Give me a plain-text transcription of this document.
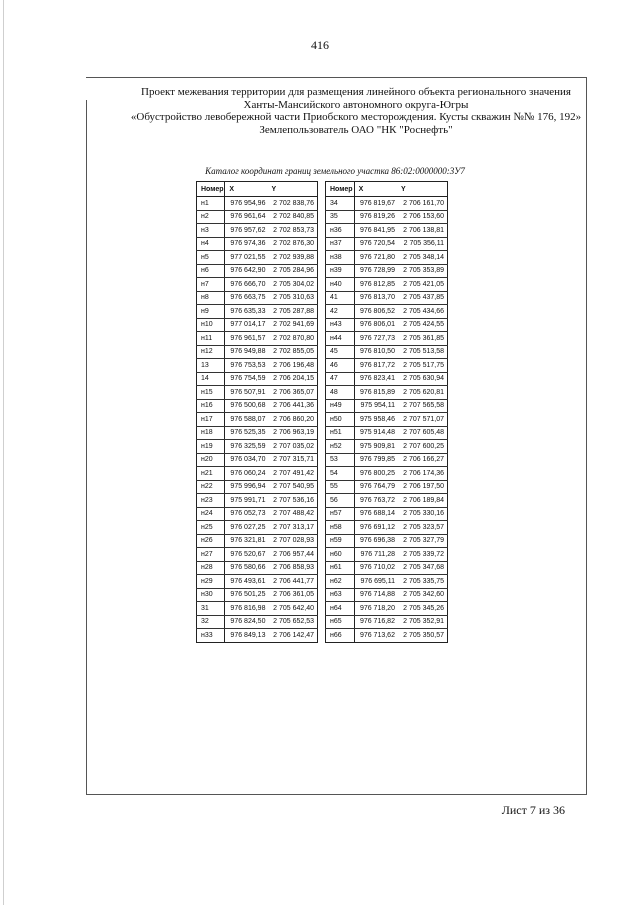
416
Проект межевания территории для размещения линейного объекта регионального значения
Ханты-Мансийского автономного округа-Югры
«Обустройство левобережной части Приобского месторождения. Кусты скважин №№ 176, 192»
Землепользователь ОАО "НК "Роснефть"
Каталог координат границ земельного участка 86:02:0000000:3У7
Номер	X	Y
н1	976 954,96	2 702 838,76
н2	976 961,64	2 702 840,85
н3	976 957,62	2 702 853,73
н4	976 974,36	2 702 876,30
н5	977 021,55	2 702 939,88
н6	976 642,90	2 705 284,96
н7	976 666,70	2 705 304,02
н8	976 663,75	2 705 310,63
н9	976 635,33	2 705 287,88
н10	977 014,17	2 702 941,69
н11	976 961,57	2 702 870,80
н12	976 949,88	2 702 855,05
13	976 753,53	2 706 196,48
14	976 754,59	2 706 204,15
н15	976 507,91	2 706 365,07
н16	976 500,68	2 706 441,36
н17	976 588,07	2 706 860,20
н18	976 525,35	2 706 963,19
н19	976 325,59	2 707 035,02
н20	976 034,70	2 707 315,71
н21	976 060,24	2 707 491,42
н22	975 996,94	2 707 540,95
н23	975 991,71	2 707 536,16
н24	976 052,73	2 707 488,42
н25	976 027,25	2 707 313,17
н26	976 321,81	2 707 028,93
н27	976 520,67	2 706 957,44
н28	976 580,66	2 706 858,93
н29	976 493,61	2 706 441,77
н30	976 501,25	2 706 361,05
31	976 816,98	2 705 642,40
32	976 824,50	2 705 652,53
н33	976 849,13	2 706 142,47
Номер	X	Y
34	976 819,67	2 706 161,70
35	976 819,26	2 706 153,60
н36	976 841,95	2 706 138,81
н37	976 720,54	2 705 356,11
н38	976 721,80	2 705 348,14
н39	976 728,99	2 705 353,89
н40	976 812,85	2 705 421,05
41	976 813,70	2 705 437,85
42	976 806,52	2 705 434,66
н43	976 806,01	2 705 424,55
н44	976 727,73	2 705 361,85
45	976 810,50	2 705 513,58
46	976 817,72	2 705 517,75
47	976 823,41	2 705 630,94
48	976 815,89	2 705 620,81
н49	975 954,11	2 707 565,58
н50	975 958,46	2 707 571,07
н51	975 914,48	2 707 605,48
н52	975 909,81	2 707 600,25
53	976 799,85	2 706 166,27
54	976 800,25	2 706 174,36
55	976 764,79	2 706 197,50
56	976 763,72	2 706 189,84
н57	976 688,14	2 705 330,16
н58	976 691,12	2 705 323,57
н59	976 696,38	2 705 327,79
н60	976 711,28	2 705 339,72
н61	976 710,02	2 705 347,68
н62	976 695,11	2 705 335,75
н63	976 714,88	2 705 342,60
н64	976 718,20	2 705 345,26
н65	976 716,82	2 705 352,91
н66	976 713,62	2 705 350,57
Лист 7 из 36
